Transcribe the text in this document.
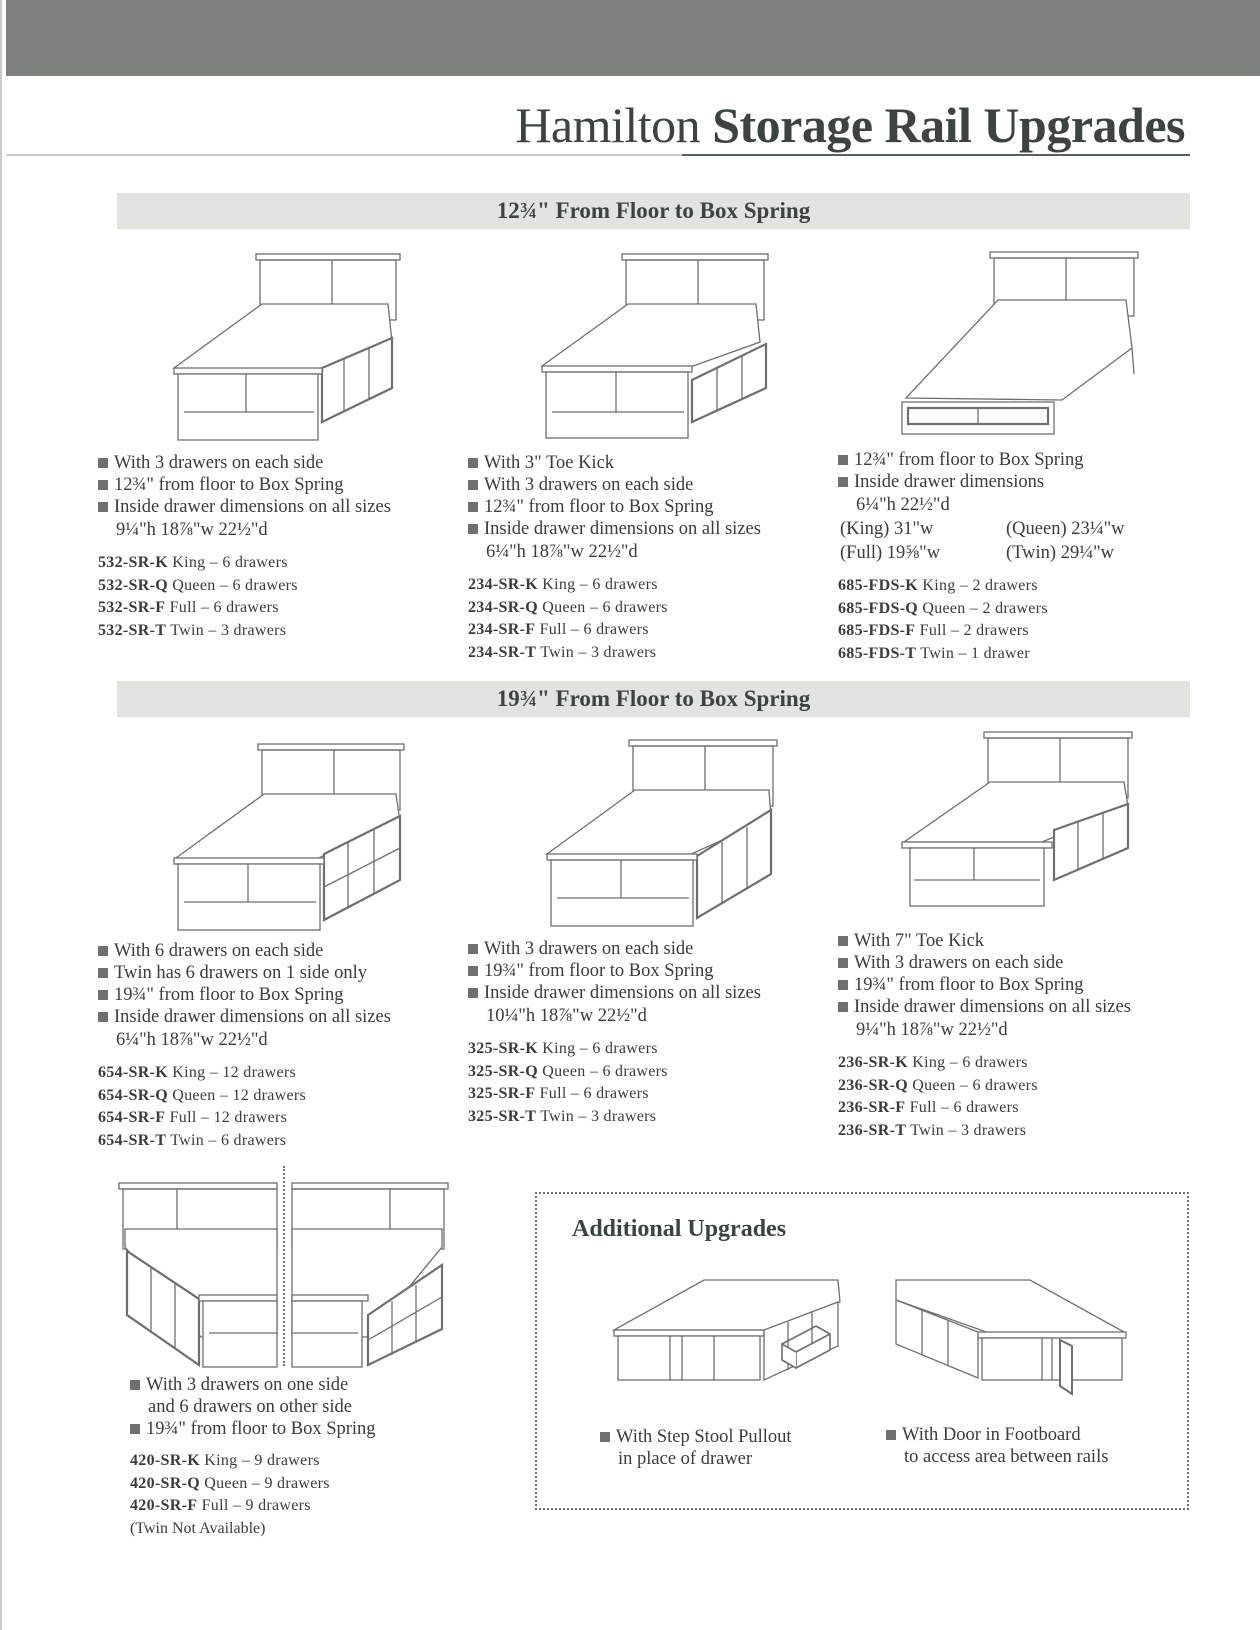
Hamilton Storage Rail Upgrades
12¾" From Floor to Box Spring
19¾" From Floor to Box Spring
With 3 drawers on each side
12¾" from floor to Box Spring
Inside drawer dimensions on all sizes
9¼"h 18⅞"w 22½"d
532-SR-K King – 6 drawers
532-SR-Q Queen – 6 drawers
532-SR-F Full – 6 drawers
532-SR-T Twin – 3 drawers
With 3" Toe Kick
With 3 drawers on each side
12¾" from floor to Box Spring
Inside drawer dimensions on all sizes
6¼"h 18⅞"w 22½"d
234-SR-K King – 6 drawers
234-SR-Q Queen – 6 drawers
234-SR-F Full – 6 drawers
234-SR-T Twin – 3 drawers
12¾" from floor to Box Spring
Inside drawer dimensions
6¼"h 22½"d
(King) 31"w	(Queen) 23¼"w
(Full) 19⅝"w	(Twin) 29¼"w
685-FDS-K King – 2 drawers
685-FDS-Q Queen – 2 drawers
685-FDS-F Full – 2 drawers
685-FDS-T Twin – 1 drawer
With 6 drawers on each side
Twin has 6 drawers on 1 side only
19¾" from floor to Box Spring
Inside drawer dimensions on all sizes
6¼"h 18⅞"w 22½"d
654-SR-K King – 12 drawers
654-SR-Q Queen – 12 drawers
654-SR-F Full – 12 drawers
654-SR-T Twin – 6 drawers
With 3 drawers on each side
19¾" from floor to Box Spring
Inside drawer dimensions on all sizes
10¼"h 18⅞"w 22½"d
325-SR-K King – 6 drawers
325-SR-Q Queen – 6 drawers
325-SR-F Full – 6 drawers
325-SR-T Twin – 3 drawers
With 7" Toe Kick
With 3 drawers on each side
19¾" from floor to Box Spring
Inside drawer dimensions on all sizes
9¼"h 18⅞"w 22½"d
236-SR-K King – 6 drawers
236-SR-Q Queen – 6 drawers
236-SR-F Full – 6 drawers
236-SR-T Twin – 3 drawers
With 3 drawers on one side
and 6 drawers on other side
19¾" from floor to Box Spring
420-SR-K King – 9 drawers
420-SR-Q Queen – 9 drawers
420-SR-F Full – 9 drawers
(Twin Not Available)
Additional Upgrades
With Step Stool Pullout
in place of drawer
With Door in Footboard
to access area between rails
